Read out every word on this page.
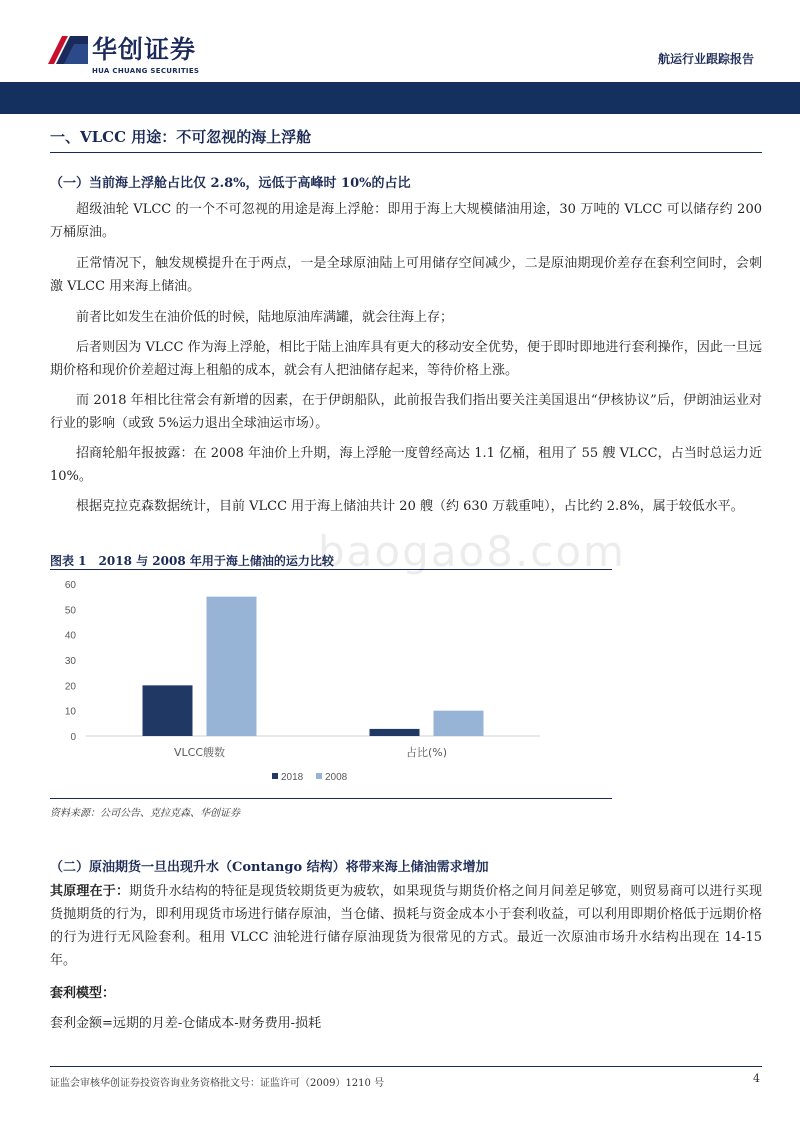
华创证券
HUA CHUANG SECURITIES
航运行业跟踪报告
一、VLCC 用途：不可忽视的海上浮舱
（一）当前海上浮舱占比仅 2.8%，远低于高峰时 10%的占比
超级油轮 VLCC 的一个不可忽视的用途是海上浮舱：即用于海上大规模储油用途，30 万吨的 VLCC 可以储存约 200 万桶原油。
正常情况下，触发规模提升在于两点，一是全球原油陆上可用储存空间减少，二是原油期现价差存在套利空间时，会刺激 VLCC 用来海上储油。
前者比如发生在油价低的时候，陆地原油库满罐，就会往海上存；
后者则因为 VLCC 作为海上浮舱，相比于陆上油库具有更大的移动安全优势，便于即时即地进行套利操作，因此一旦远期价格和现价价差超过海上租船的成本，就会有人把油储存起来，等待价格上涨。
而 2018 年相比往常会有新增的因素，在于伊朗船队，此前报告我们指出要关注美国退出“伊核协议”后，伊朗油运业对行业的影响（或致 5%运力退出全球油运市场）。
招商轮船年报披露：在 2008 年油价上升期，海上浮舱一度曾经高达 1.1 亿桶，租用了 55 艘 VLCC，占当时总运力近 10%。
根据克拉克森数据统计，目前 VLCC 用于海上储油共计 20 艘（约 630 万载重吨），占比约 2.8%，属于较低水平。
图表 1　2018 与 2008 年用于海上储油的运力比较
baogao8.com
0
10
20
30
40
50
60
VLCC艘数	占比(%)
2018 2008
资料来源：公司公告、克拉克森、华创证券
（二）原油期货一旦出现升水（Contango 结构）将带来海上储油需求增加
其原理在于：期货升水结构的特征是现货较期货更为疲软，如果现货与期货价格之间月间差足够宽，则贸易商可以进行买现货抛期货的行为，即利用现货市场进行储存原油，当仓储、损耗与资金成本小于套利收益，可以利用即期价格低于远期价格的行为进行无风险套利。租用 VLCC 油轮进行储存原油现货为很常见的方式。最近一次原油市场升水结构出现在 14-15 年。
套利模型：
套利金额=远期的月差-仓储成本-财务费用-损耗
证监会审核华创证券投资咨询业务资格批文号：证监许可（2009）1210 号	4
